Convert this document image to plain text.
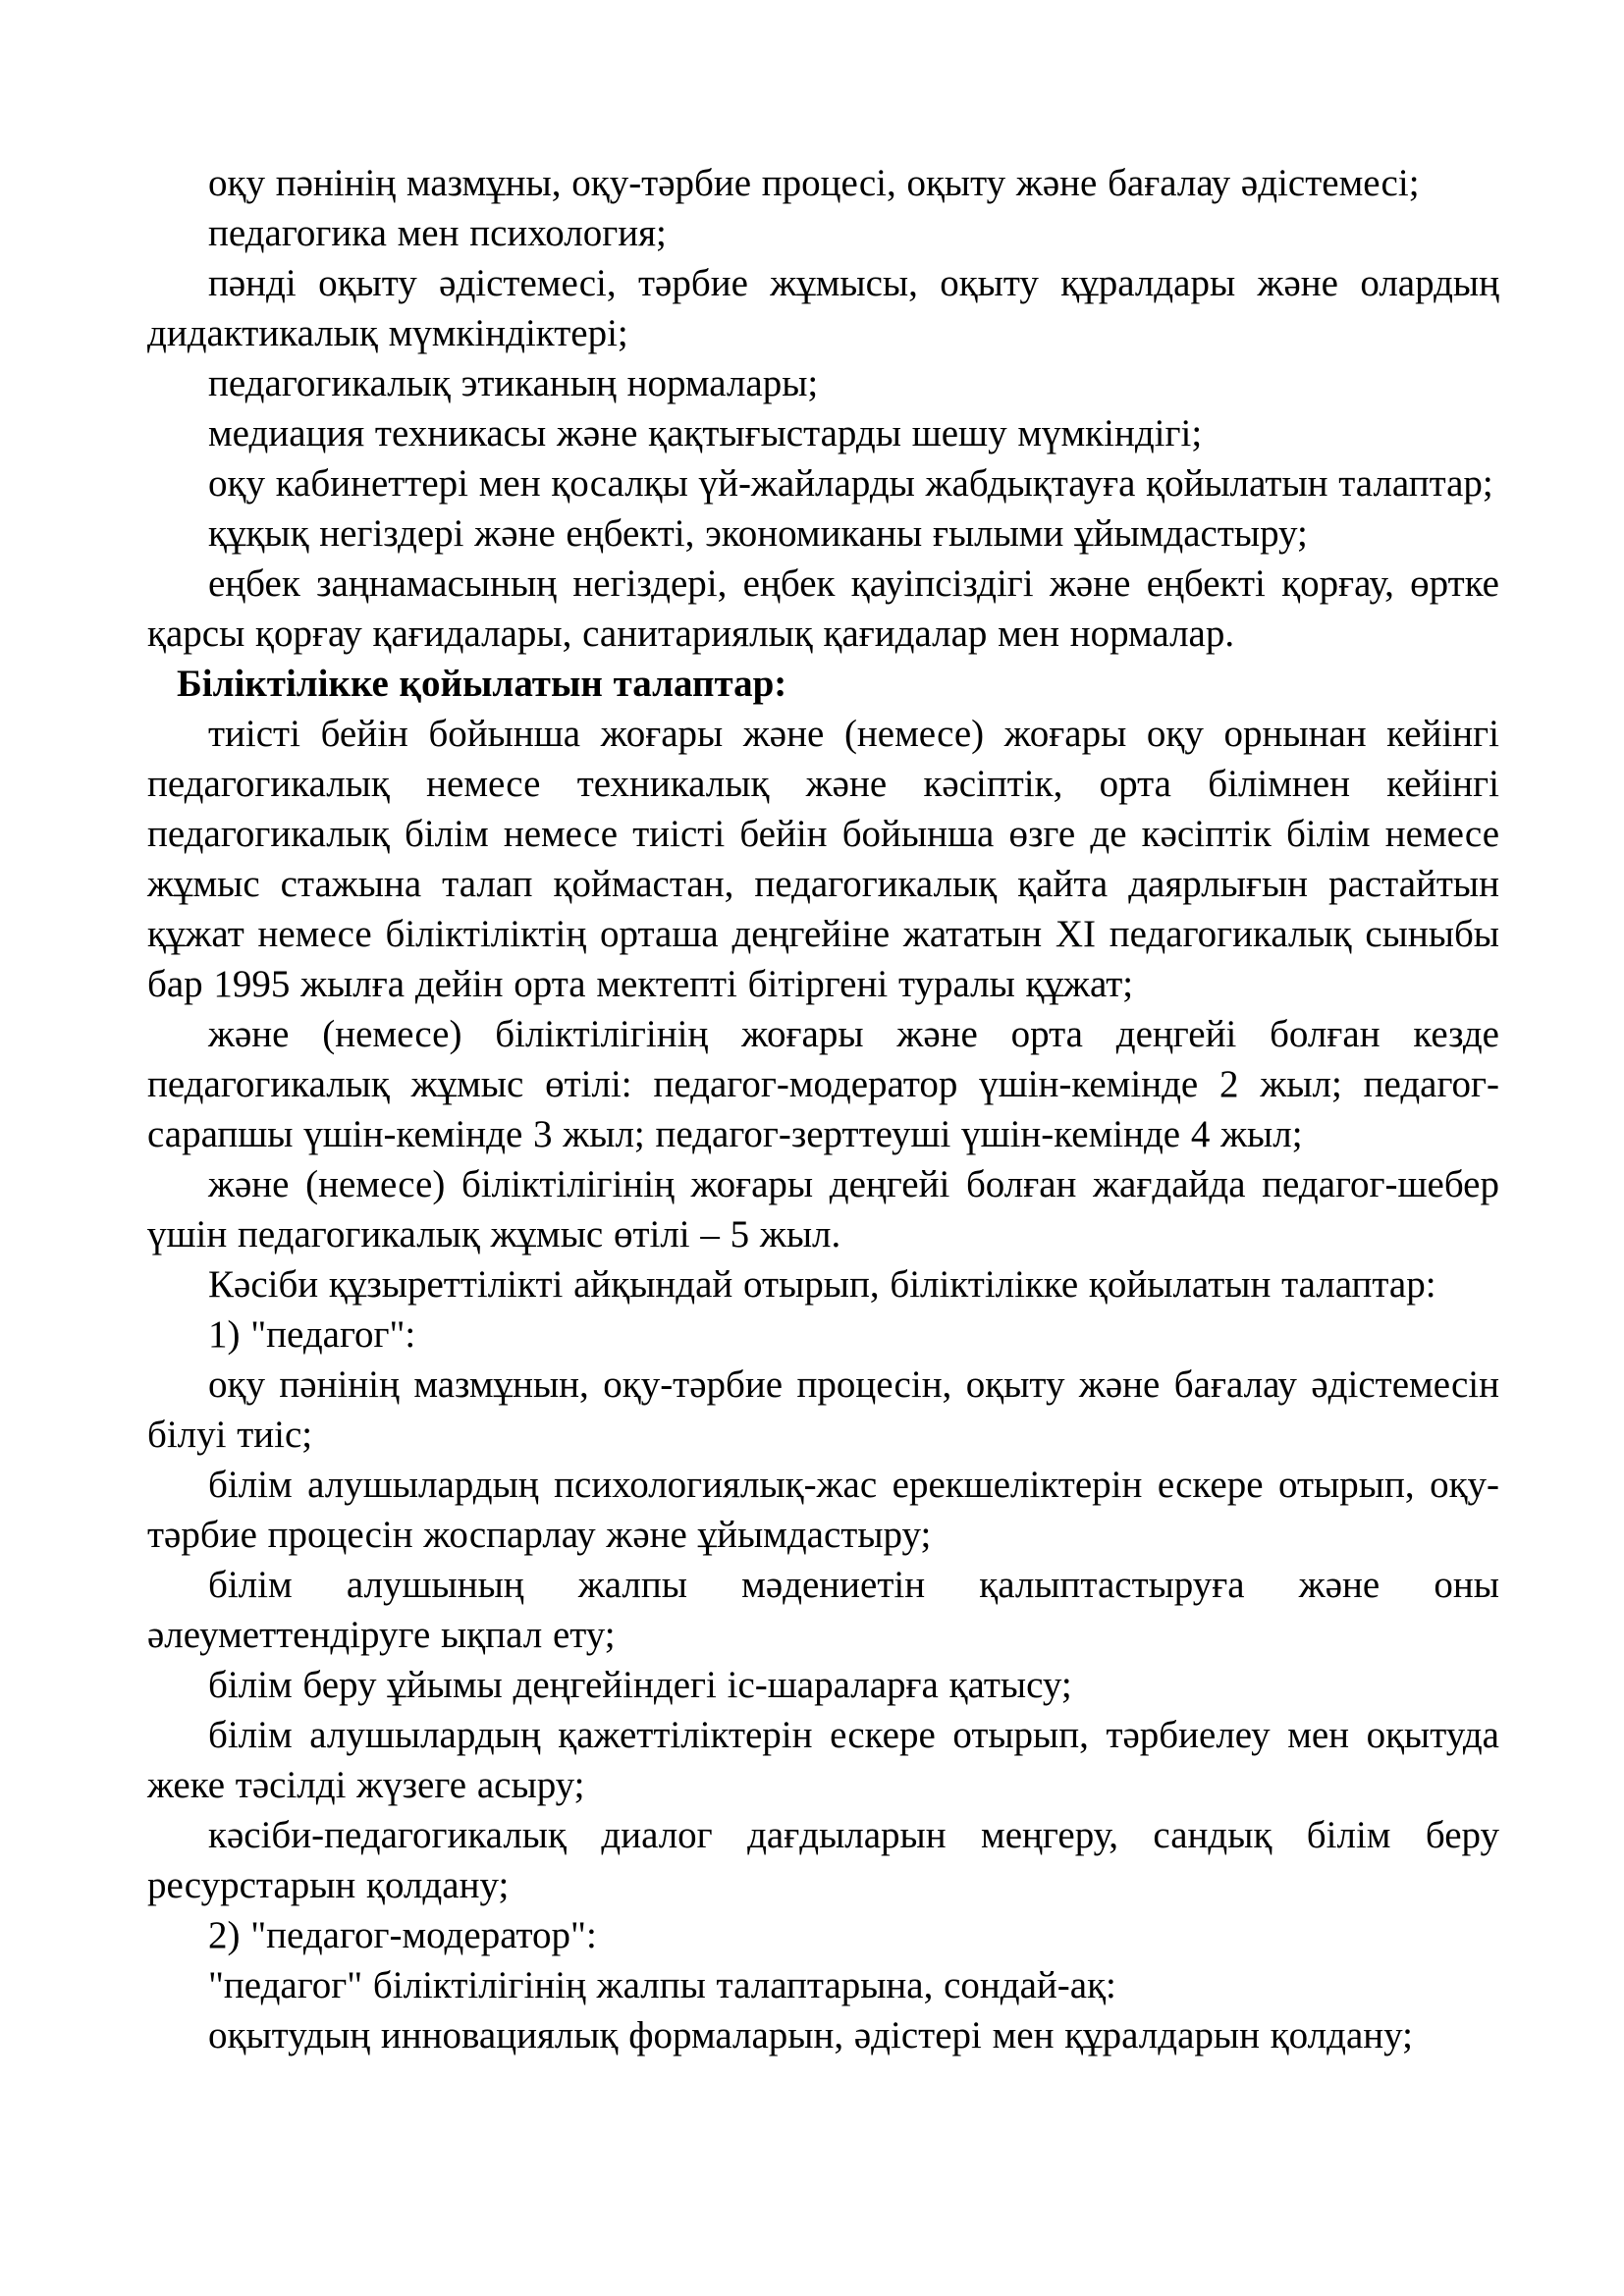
оқу пәнінің мазмұны, оқу-тәрбие процесі, оқыту және бағалау әдістемесі;

педагогика мен психология;

пәнді оқыту әдістемесі, тәрбие жұмысы, оқыту құралдары және олардың дидактикалық мүмкіндіктері;

педагогикалық этиканың нормалары;

медиация техникасы және қақтығыстарды шешу мүмкіндігі;

оқу кабинеттері мен қосалқы үй-жайларды жабдықтауға қойылатын талаптар;

құқық негіздері және еңбекті, экономиканы ғылыми ұйымдастыру;

еңбек заңнамасының негіздері, еңбек қауіпсіздігі және еңбекті қорғау, өртке қарсы қорғау қағидалары, санитариялық қағидалар мен нормалар.

Біліктілікке қойылатын талаптар:

тиісті бейін бойынша жоғары және (немесе) жоғары оқу орнынан кейінгі педагогикалық немесе техникалық және кәсіптік, орта білімнен кейінгі педагогикалық білім немесе тиісті бейін бойынша өзге де кәсіптік білім немесе жұмыс стажына талап қоймастан, педагогикалық қайта даярлығын растайтын құжат немесе біліктіліктің орташа деңгейіне жататын XI педагогикалық сыныбы бар 1995 жылға дейін орта мектепті бітіргені туралы құжат;

және (немесе) біліктілігінің жоғары және орта деңгейі болған кезде педагогикалық жұмыс өтілі: педагог-модератор үшін-кемінде 2 жыл; педагог-сарапшы үшін-кемінде 3 жыл; педагог-зерттеуші үшін-кемінде 4 жыл;

және (немесе) біліктілігінің жоғары деңгейі болған жағдайда педагог-шебер үшін педагогикалық жұмыс өтілі – 5 жыл.

Кәсіби құзыреттілікті айқындай отырып, біліктілікке қойылатын талаптар:

1) "педагог":

оқу пәнінің мазмұнын, оқу-тәрбие процесін, оқыту және бағалау әдістемесін білуі тиіс;

білім алушылардың психологиялық-жас ерекшеліктерін ескере отырып, оқу-тәрбие процесін жоспарлау және ұйымдастыру;

білім алушының жалпы мәдениетін қалыптастыруға және оны әлеуметтендіруге ықпал ету;

білім беру ұйымы деңгейіндегі іс-шараларға қатысу;

білім алушылардың қажеттіліктерін ескере отырып, тәрбиелеу мен оқытуда жеке тәсілді жүзеге асыру;

кәсіби-педагогикалық диалог дағдыларын меңгеру, сандық білім беру ресурстарын қолдану;

2) "педагог-модератор":

"педагог" біліктілігінің жалпы талаптарына, сондай-ақ:

оқытудың инновациялық формаларын, әдістері мен құралдарын қолдану;
